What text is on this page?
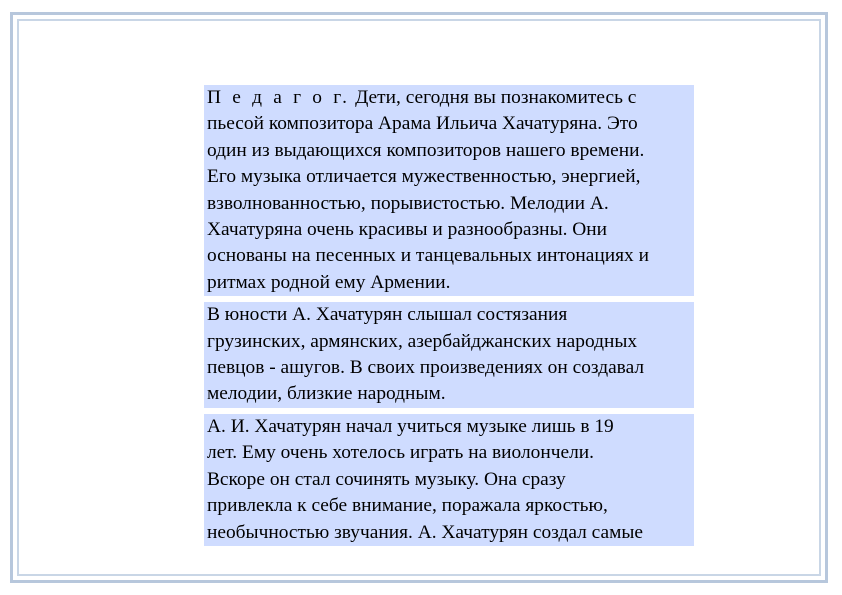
П е д а г о г. Дети, сегодня вы познакомитесь с
пьесой композитора Арама Ильича Хачатуряна. Это
один из выдающихся композиторов нашего времени.
Его музыка отличается мужественностью, энергией,
взволнованностью, порывистостью. Мелодии А.
Хачатуряна очень красивы и разнообразны. Они
основаны на песенных и танцевальных интонациях и
ритмах родной ему Армении.
В юности А. Хачатурян слышал состязания
грузинских, армянских, азербайджанских народных
певцов - ашугов. В своих произведениях он создавал
мелодии, близкие народным.
А. И. Хачатурян начал учиться музыке лишь в 19
лет. Ему очень хотелось играть на виолончели.
Вскоре он стал сочинять музыку. Она сразу
привлекла к себе внимание, поражала яркостью,
необычностью звучания. А. Хачатурян создал самые
